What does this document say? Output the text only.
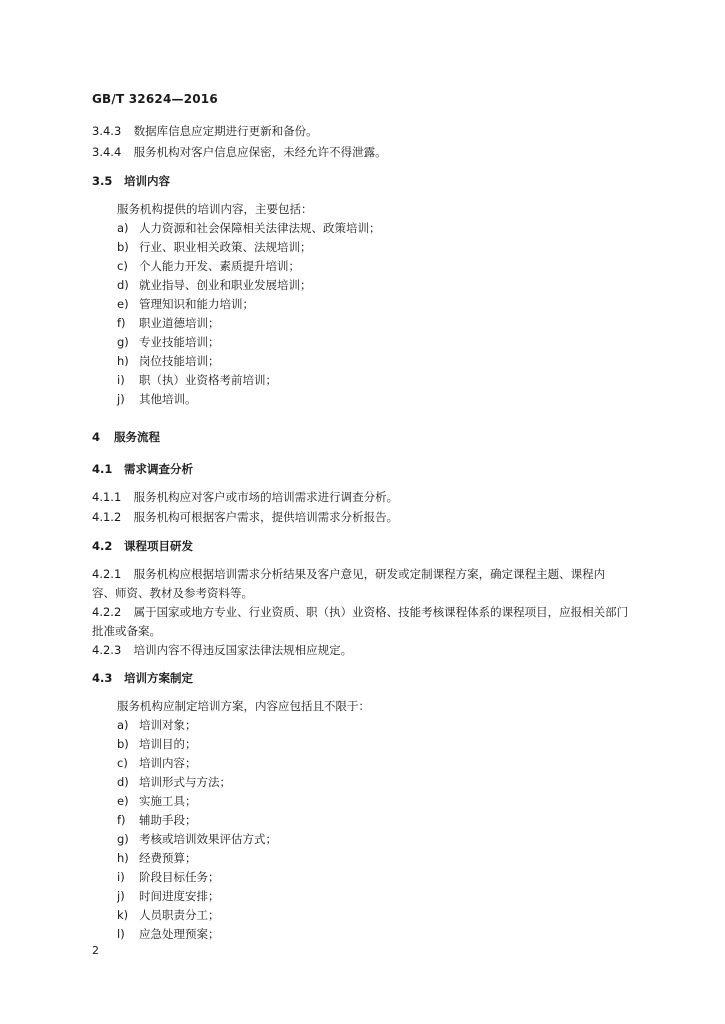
GB/T 32624—2016
3.4.3 数据库信息应定期进行更新和备份。
3.4.4 服务机构对客户信息应保密，未经允许不得泄露。
3.5 培训内容
服务机构提供的培训内容，主要包括：
a) 人力资源和社会保障相关法律法规、政策培训；
b) 行业、职业相关政策、法规培训；
c) 个人能力开发、素质提升培训；
d) 就业指导、创业和职业发展培训；
e) 管理知识和能力培训；
f) 职业道德培训；
g) 专业技能培训；
h) 岗位技能培训；
i) 职（执）业资格考前培训；
j) 其他培训。
4 服务流程
4.1 需求调查分析
4.1.1 服务机构应对客户或市场的培训需求进行调查分析。
4.1.2 服务机构可根据客户需求，提供培训需求分析报告。
4.2 课程项目研发
4.2.1 服务机构应根据培训需求分析结果及客户意见，研发或定制课程方案，确定课程主题、课程内
容、师资、教材及参考资料等。
4.2.2 属于国家或地方专业、行业资质、职（执）业资格、技能考核课程体系的课程项目，应报相关部门
批准或备案。
4.2.3 培训内容不得违反国家法律法规相应规定。
4.3 培训方案制定
服务机构应制定培训方案，内容应包括且不限于：
a) 培训对象；
b) 培训目的；
c) 培训内容；
d) 培训形式与方法；
e) 实施工具；
f) 辅助手段；
g) 考核或培训效果评估方式；
h) 经费预算；
i) 阶段目标任务；
j) 时间进度安排；
k) 人员职责分工；
l) 应急处理预案；
2
